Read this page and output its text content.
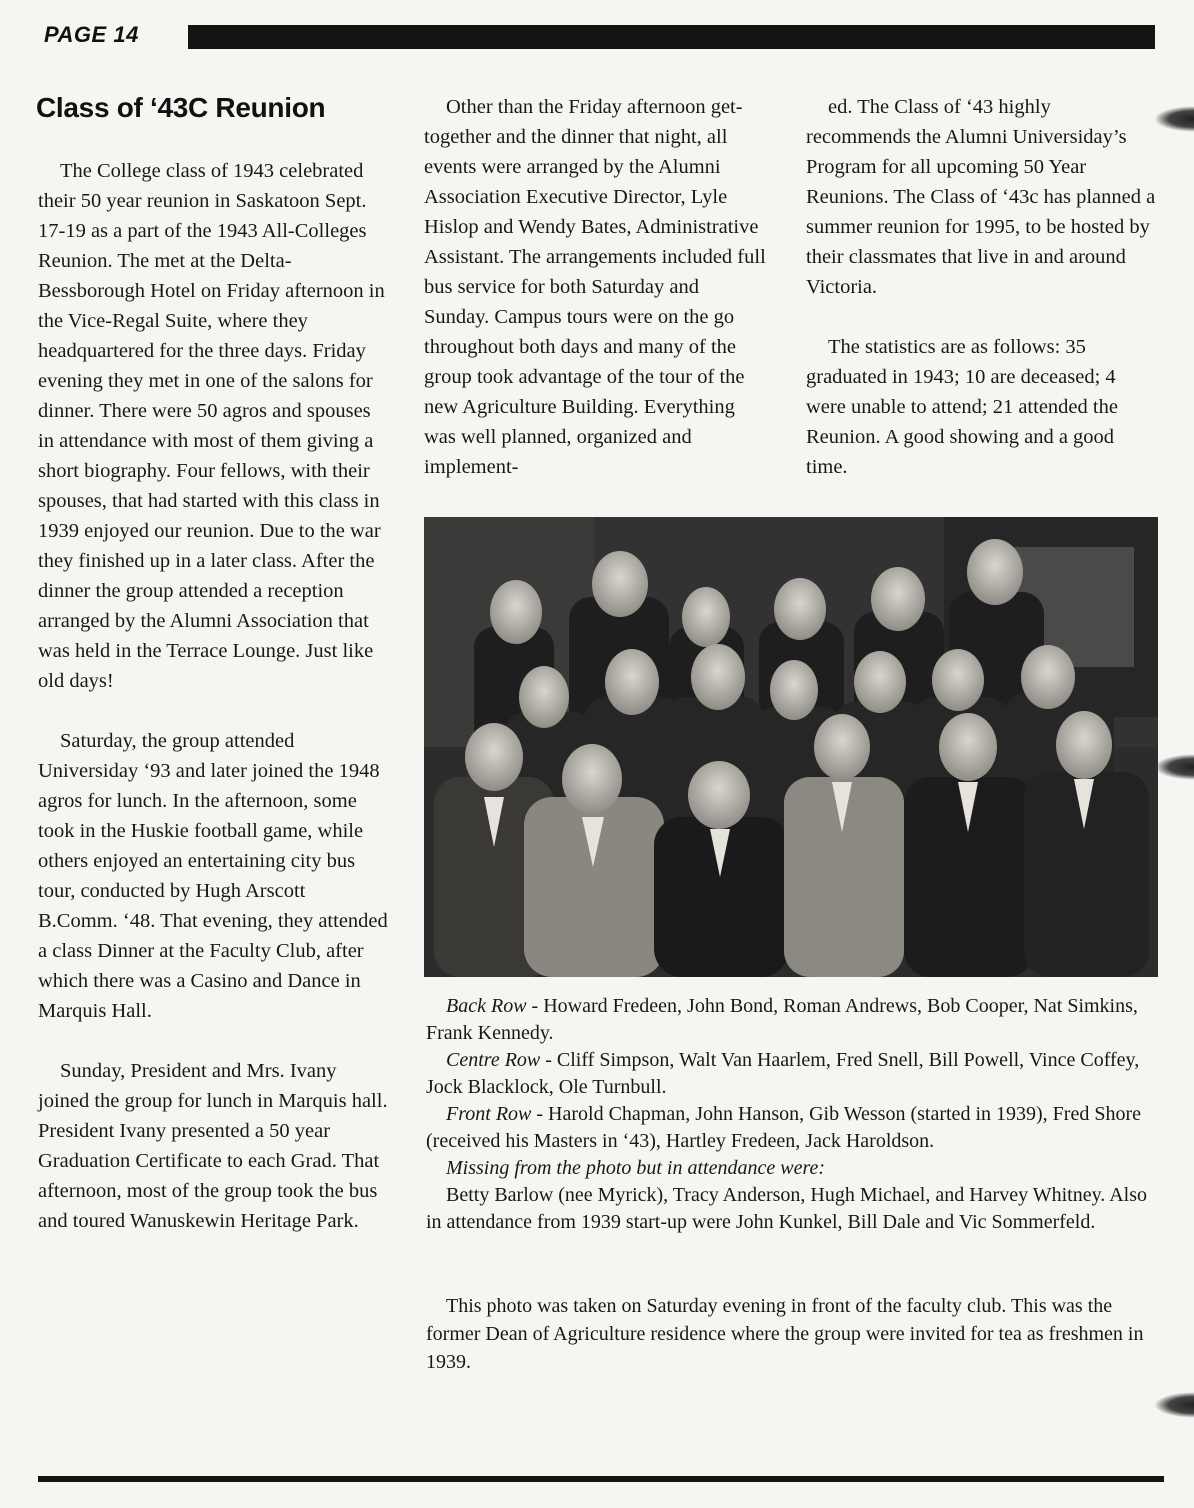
PAGE 14
Class of ‘43C Reunion

The College class of 1943 celebrated their 50 year reunion in Saskatoon Sept. 17-19 as a part of the 1943 All-Colleges Reunion. The met at the Delta-Bessborough Hotel on Friday afternoon in the Vice-Regal Suite, where they headquartered for the three days. Friday evening they met in one of the salons for dinner. There were 50 agros and spouses in attendance with most of them giving a short biography. Four fellows, with their spouses, that had started with this class in 1939 enjoyed our reunion. Due to the war they finished up in a later class. After the dinner the group attended a reception arranged by the Alumni Association that was held in the Terrace Lounge. Just like old days!

Saturday, the group attended Universiday ‘93 and later joined the 1948 agros for lunch. In the afternoon, some took in the Huskie football game, while others enjoyed an entertaining city bus tour, conducted by Hugh Arscott B.Comm. ‘48. That evening, they attended a class Dinner at the Faculty Club, after which there was a Casino and Dance in Marquis Hall.

Sunday, President and Mrs. Ivany joined the group for lunch in Marquis hall. President Ivany presented a 50 year Graduation Certificate to each Grad. That afternoon, most of the group took the bus and toured Wanuskewin Heritage Park.

Other than the Friday afternoon get-together and the dinner that night, all events were arranged by the Alumni Association Executive Director, Lyle Hislop and Wendy Bates, Administrative Assistant. The arrangements included full bus service for both Saturday and Sunday. Campus tours were on the go throughout both days and many of the group took advantage of the tour of the new Agriculture Building. Everything was well planned, organized and implement-

ed. The Class of ‘43 highly recommends the Alumni Universiday’s Program for all upcoming 50 Year Reunions. The Class of ‘43c has planned a summer reunion for 1995, to be hosted by their classmates that live in and around Victoria.

The statistics are as follows: 35 graduated in 1943; 10 are deceased; 4 were unable to attend; 21 attended the Reunion. A good showing and a good time.

Back Row - Howard Fredeen, John Bond, Roman Andrews, Bob Cooper, Nat Simkins, Frank Kennedy.

Centre Row - Cliff Simpson, Walt Van Haarlem, Fred Snell, Bill Powell, Vince Coffey, Jock Blacklock, Ole Turnbull.

Front Row - Harold Chapman, John Hanson, Gib Wesson (started in 1939), Fred Shore (received his Masters in ‘43), Hartley Fredeen, Jack Haroldson.

Missing from the photo but in attendance were:

Betty Barlow (nee Myrick), Tracy Anderson, Hugh Michael, and Harvey Whitney. Also in attendance from 1939 start-up were John Kunkel, Bill Dale and Vic Sommerfeld.

This photo was taken on Saturday evening in front of the faculty club. This was the former Dean of Agriculture residence where the group were invited for tea as freshmen in 1939.
